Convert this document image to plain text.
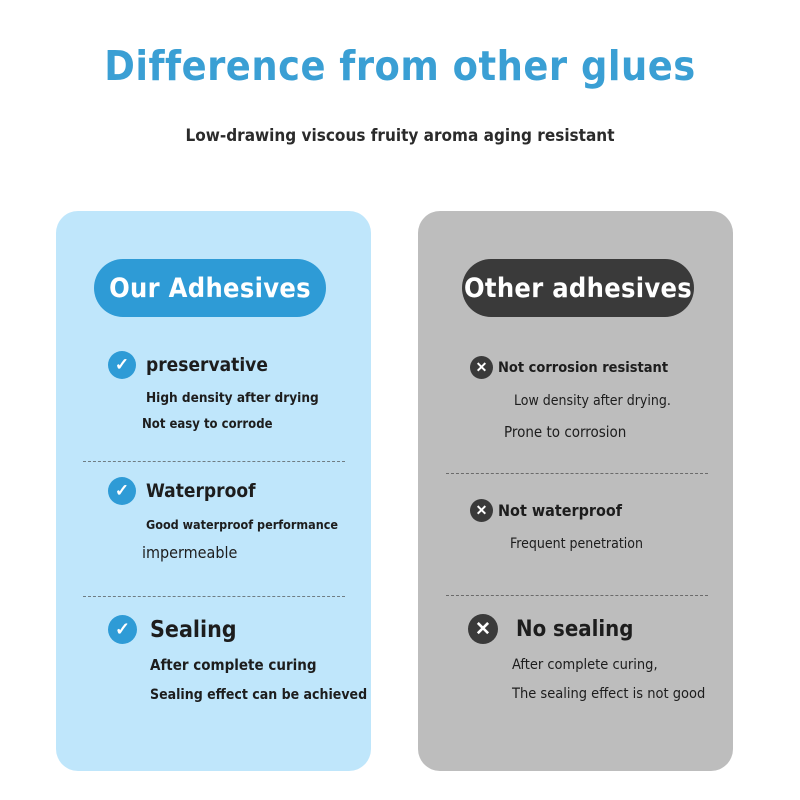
Difference from other glues
Low-drawing viscous fruity aroma aging resistant
Our Adhesives
✓ preservative
High density after drying
Not easy to corrode
✓ Waterproof
Good waterproof performance
impermeable
✓ Sealing
After complete curing
Sealing effect can be achieved
Other adhesives
✕ Not corrosion resistant
Low density after drying.
Prone to corrosion
✕ Not waterproof
Frequent penetration
✕	No sealing
After complete curing,
The sealing effect is not good
